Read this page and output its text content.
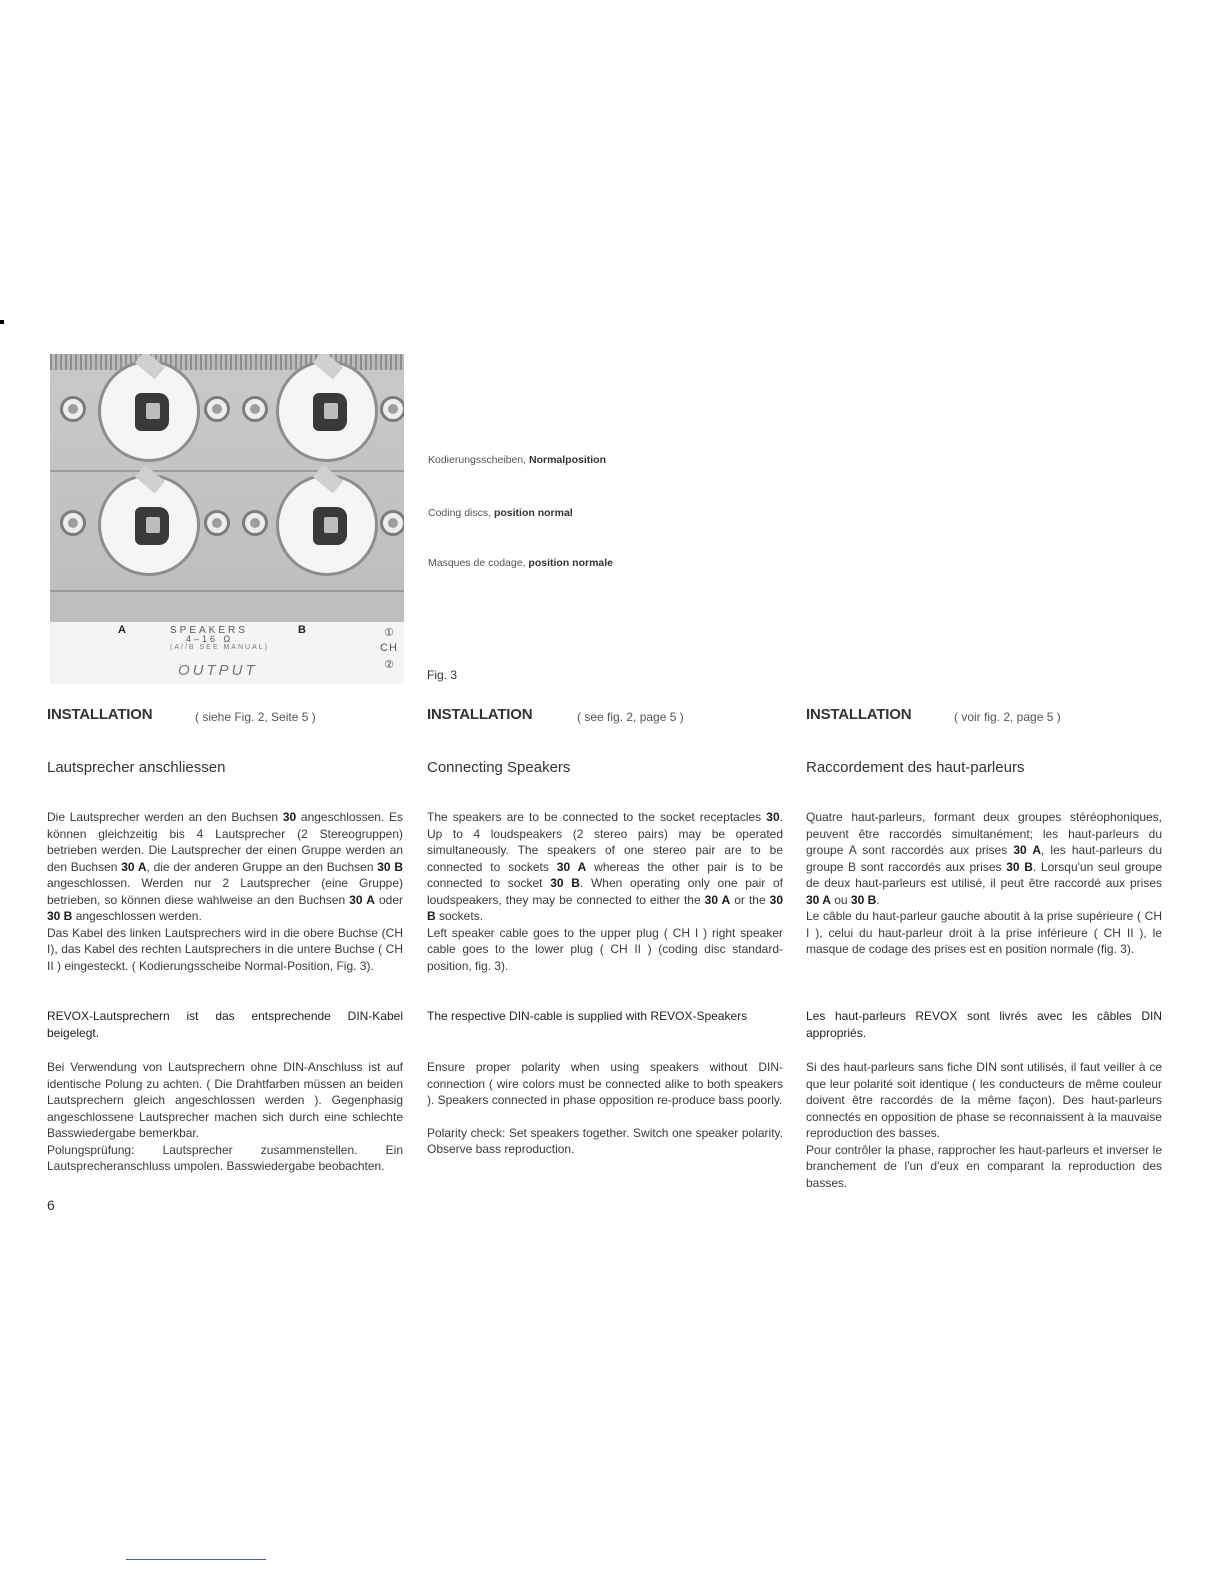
A	SPEAKERS	B
4–16 Ω
(A//B SEE MANUAL)
OUTPUT
①
CH
②
Kodierungsscheiben, Normalposition
Coding discs, position normal
Masques de codage, position normale
Fig. 3
INSTALLATION	( siehe Fig. 2, Seite 5 )
Lautsprecher anschliessen

Die Lautsprecher werden an den Buchsen 30 angeschlossen. Es können gleichzeitig bis 4 Lautsprecher (2 Stereogruppen) betrieben werden. Die Lautsprecher der einen Gruppe werden an den Buchsen 30 A, die der anderen Gruppe an den Buchsen 30 B angeschlossen. Werden nur 2 Lautsprecher (eine Gruppe) betrieben, so können diese wahlweise an den Buchsen 30 A oder 30 B angeschlossen werden.

Das Kabel des linken Lautsprechers wird in die obere Buchse (CH I), das Kabel des rechten Lautsprechers in die untere Buchse ( CH II ) eingesteckt. ( Kodierungsscheibe Normal-Position, Fig. 3).

REVOX-Lautsprechern ist das entsprechende DIN-Kabel beigelegt.

Bei Verwendung von Lautsprechern ohne DIN-Anschluss ist auf identische Polung zu achten. ( Die Drahtfarben müssen an beiden Lautsprechern gleich angeschlossen werden ). Gegenphasig angeschlossene Lautsprecher machen sich durch eine schlechte Basswiedergabe bemerkbar.

Polungsprüfung: Lautsprecher zusammenstellen. Ein Lautsprecheranschluss umpolen. Basswiedergabe beobachten.

INSTALLATION	( see fig. 2, page 5 )
Connecting Speakers

The speakers are to be connected to the socket receptacles 30. Up to 4 loudspeakers (2 stereo pairs) may be operated simultaneously. The speakers of one stereo pair are to be connected to sockets 30 A whereas the other pair is to be connected to socket 30 B. When operating only one pair of loudspeakers, they may be connected to either the 30 A or the 30 B sockets.

Left speaker cable goes to the upper plug ( CH I ) right speaker cable goes to the lower plug ( CH II ) (coding disc standard-position, fig. 3).

The respective DIN-cable is supplied with REVOX-Speakers

Ensure proper polarity when using speakers without DIN-connection ( wire colors must be connected alike to both speakers ). Speakers connected in phase opposition re-produce bass poorly.

Polarity check: Set speakers together. Switch one speaker polarity. Observe bass reproduction.

INSTALLATION	( voir fig. 2, page 5 )
Raccordement des haut-parleurs

Quatre haut-parleurs, formant deux groupes stéréophoniques, peuvent être raccordés simultanément; les haut-parleurs du groupe A sont raccordés aux prises 30 A, les haut-parleurs du groupe B sont raccordés aux prises 30 B. Lorsqu'un seul groupe de deux haut-parleurs est utilisé, il peut être raccordé aux prises 30 A ou 30 B.

Le câble du haut-parleur gauche aboutit à la prise supérieure ( CH I ), celui du haut-parleur droit à la prise inférieure ( CH II ), le masque de codage des prises est en position normale (fig. 3).

Les haut-parleurs REVOX sont livrés avec les câbles DIN appropriés.

Si des haut-parleurs sans fiche DIN sont utilisés, il faut veiller à ce que leur polarité soit identique ( les conducteurs de même couleur doivent être raccordés de la même façon). Des haut-parleurs connectés en opposition de phase se reconnaissent à la mauvaise reproduction des basses.

Pour contrôler la phase, rapprocher les haut-parleurs et inverser le branchement de l'un d'eux en comparant la reproduction des basses.

6
